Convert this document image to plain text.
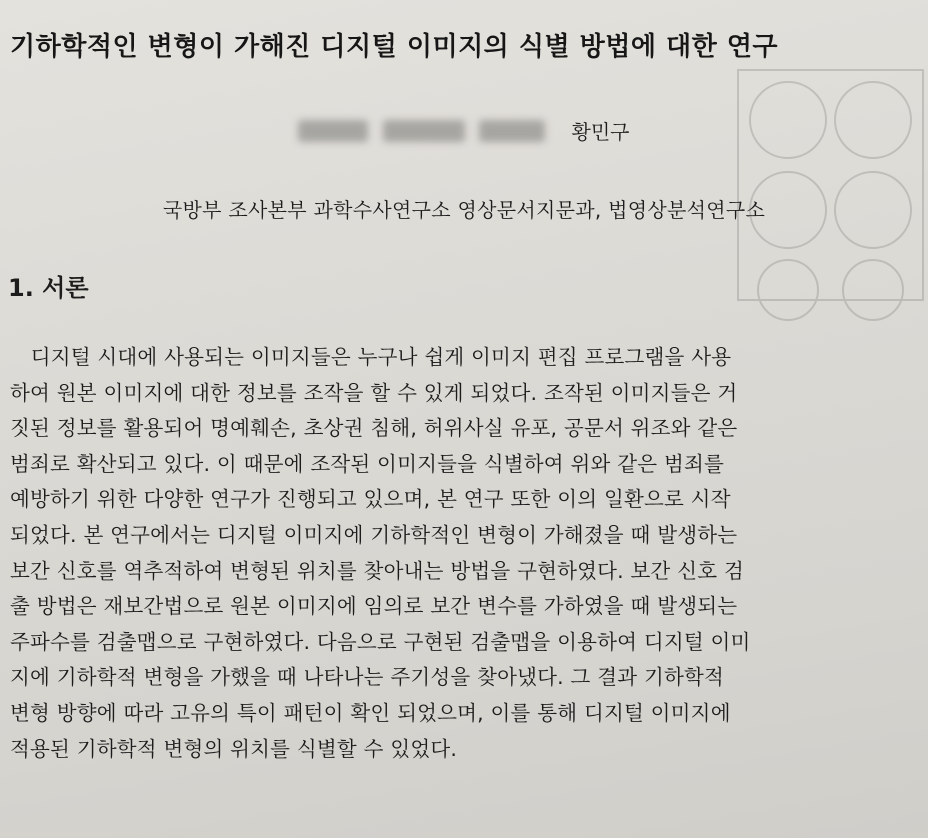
기하학적인 변형이 가해진 디지털 이미지의 식별 방법에 대한 연구
황민구
국방부 조사본부 과학수사연구소 영상문서지문과, 법영상분석연구소
1. 서론
　디지털 시대에 사용되는 이미지들은 누구나 쉽게 이미지 편집 프로그램을 사용
하여 원본 이미지에 대한 정보를 조작을 할 수 있게 되었다. 조작된 이미지들은 거
짓된 정보를 활용되어 명예훼손, 초상권 침해, 허위사실 유포, 공문서 위조와 같은
범죄로 확산되고 있다. 이 때문에 조작된 이미지들을 식별하여 위와 같은 범죄를
예방하기 위한 다양한 연구가 진행되고 있으며, 본 연구 또한 이의 일환으로 시작
되었다. 본 연구에서는 디지털 이미지에 기하학적인 변형이 가해졌을 때 발생하는
보간 신호를 역추적하여 변형된 위치를 찾아내는 방법을 구현하였다. 보간 신호 검
출 방법은 재보간법으로 원본 이미지에 임의로 보간 변수를 가하였을 때 발생되는
주파수를 검출맵으로 구현하였다. 다음으로 구현된 검출맵을 이용하여 디지털 이미
지에 기하학적 변형을 가했을 때 나타나는 주기성을 찾아냈다. 그 결과 기하학적
변형 방향에 따라 고유의 특이 패턴이 확인 되었으며, 이를 통해 디지털 이미지에
적용된 기하학적 변형의 위치를 식별할 수 있었다.
